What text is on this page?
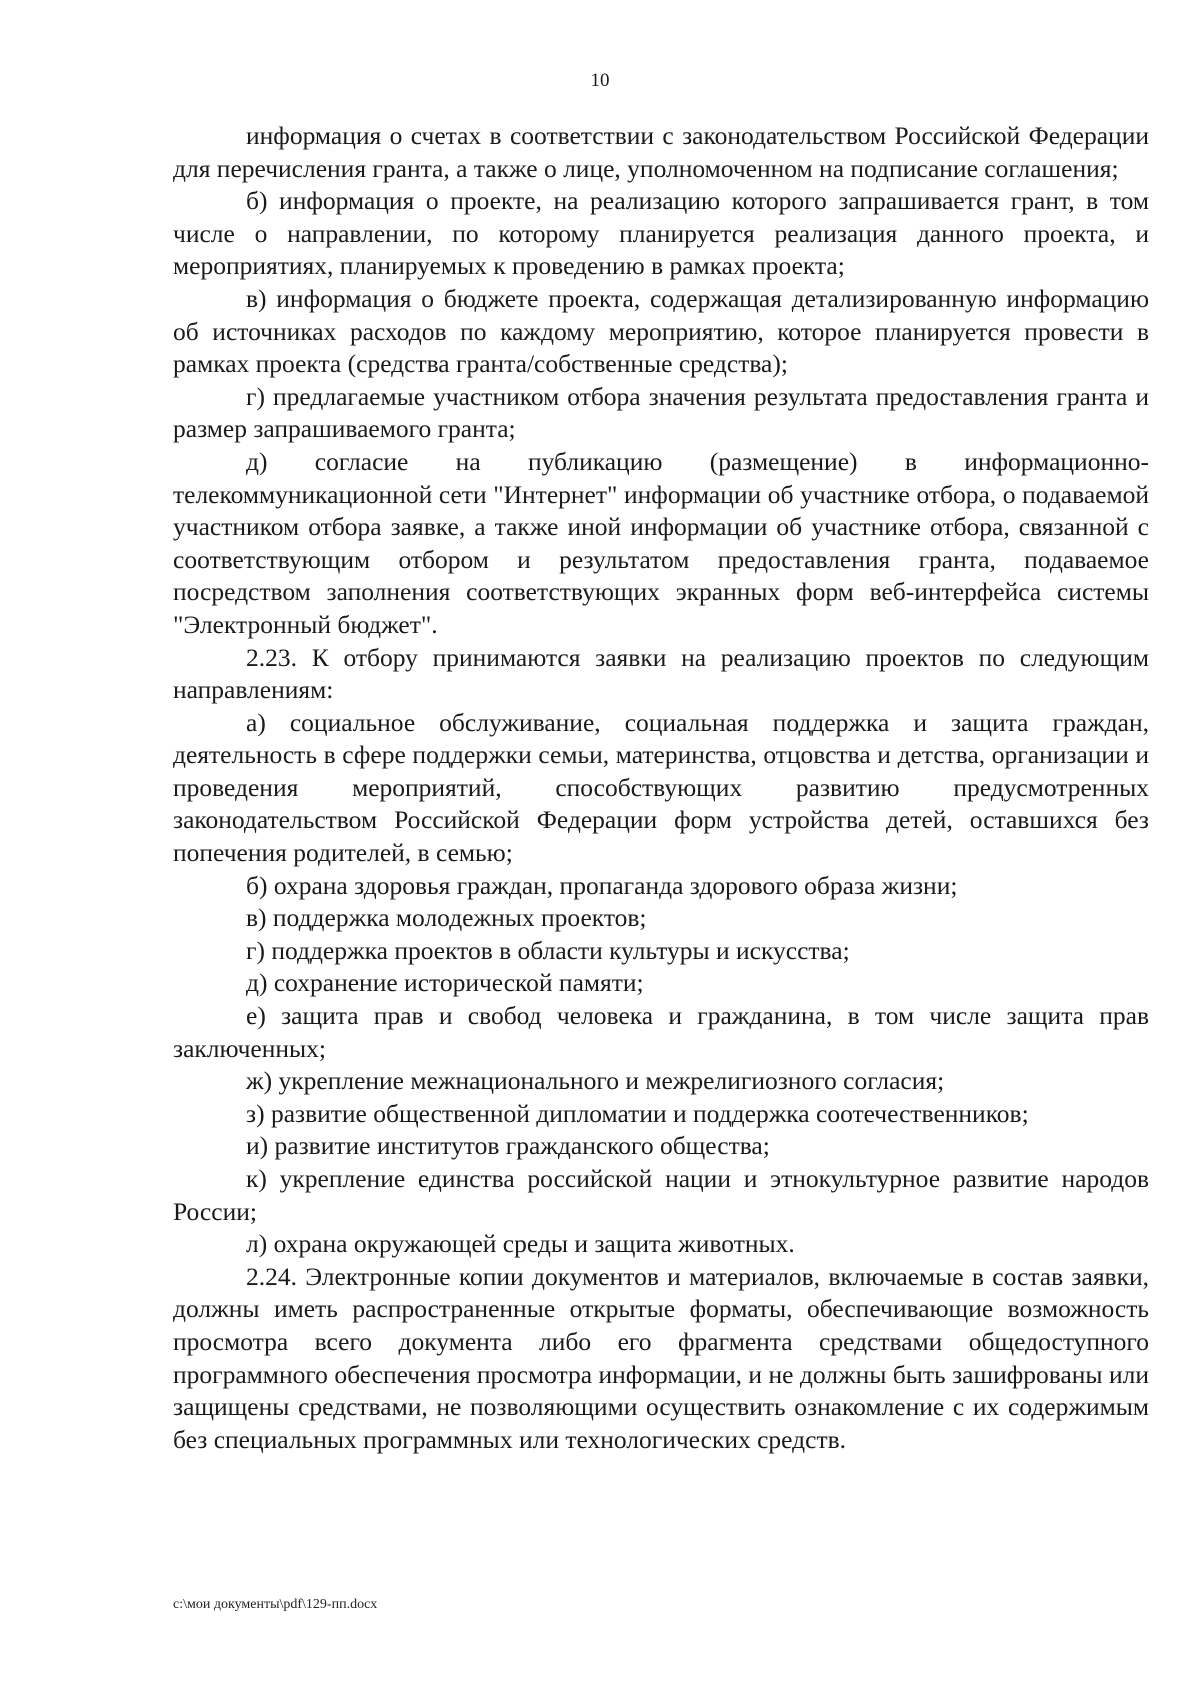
10

информация о счетах в соответствии с законодательством Российской Федерации для перечисления гранта, а также о лице, уполномоченном на подписание соглашения;

б) информация о проекте, на реализацию которого запрашивается грант, в том числе о направлении, по которому планируется реализация данного проекта, и мероприятиях, планируемых к проведению в рамках проекта;

в) информация о бюджете проекта, содержащая детализированную информацию об источниках расходов по каждому мероприятию, которое планируется провести в рамках проекта (средства гранта/собственные средства);

г) предлагаемые участником отбора значения результата предоставления гранта и размер запрашиваемого гранта;

д) согласие на публикацию (размещение) в информационно-телекоммуникационной сети "Интернет" информации об участнике отбора, о подаваемой участником отбора заявке, а также иной информации об участнике отбора, связанной с соответствующим отбором и результатом предоставления гранта, подаваемое посредством заполнения соответствующих экранных форм веб-интерфейса системы "Электронный бюджет".

2.23. К отбору принимаются заявки на реализацию проектов по следующим направлениям:

а) социальное обслуживание, социальная поддержка и защита граждан, деятельность в сфере поддержки семьи, материнства, отцовства и детства, организации и проведения мероприятий, способствующих развитию предусмотренных законодательством Российской Федерации форм устройства детей, оставшихся без попечения родителей, в семью;

б) охрана здоровья граждан, пропаганда здорового образа жизни;

в) поддержка молодежных проектов;

г) поддержка проектов в области культуры и искусства;

д) сохранение исторической памяти;

е) защита прав и свобод человека и гражданина, в том числе защита прав заключенных;

ж) укрепление межнационального и межрелигиозного согласия;

з) развитие общественной дипломатии и поддержка соотечественников;

и) развитие институтов гражданского общества;

к) укрепление единства российской нации и этнокультурное развитие народов России;

л) охрана окружающей среды и защита животных.

2.24. Электронные копии документов и материалов, включаемые в состав заявки, должны иметь распространенные открытые форматы, обеспечивающие возможность просмотра всего документа либо его фрагмента средствами общедоступного программного обеспечения просмотра информации, и не должны быть зашифрованы или защищены средствами, не позволяющими осуществить ознакомление с их содержимым без специальных программных или технологических средств.

c:\мои документы\pdf\129-пп.docx
